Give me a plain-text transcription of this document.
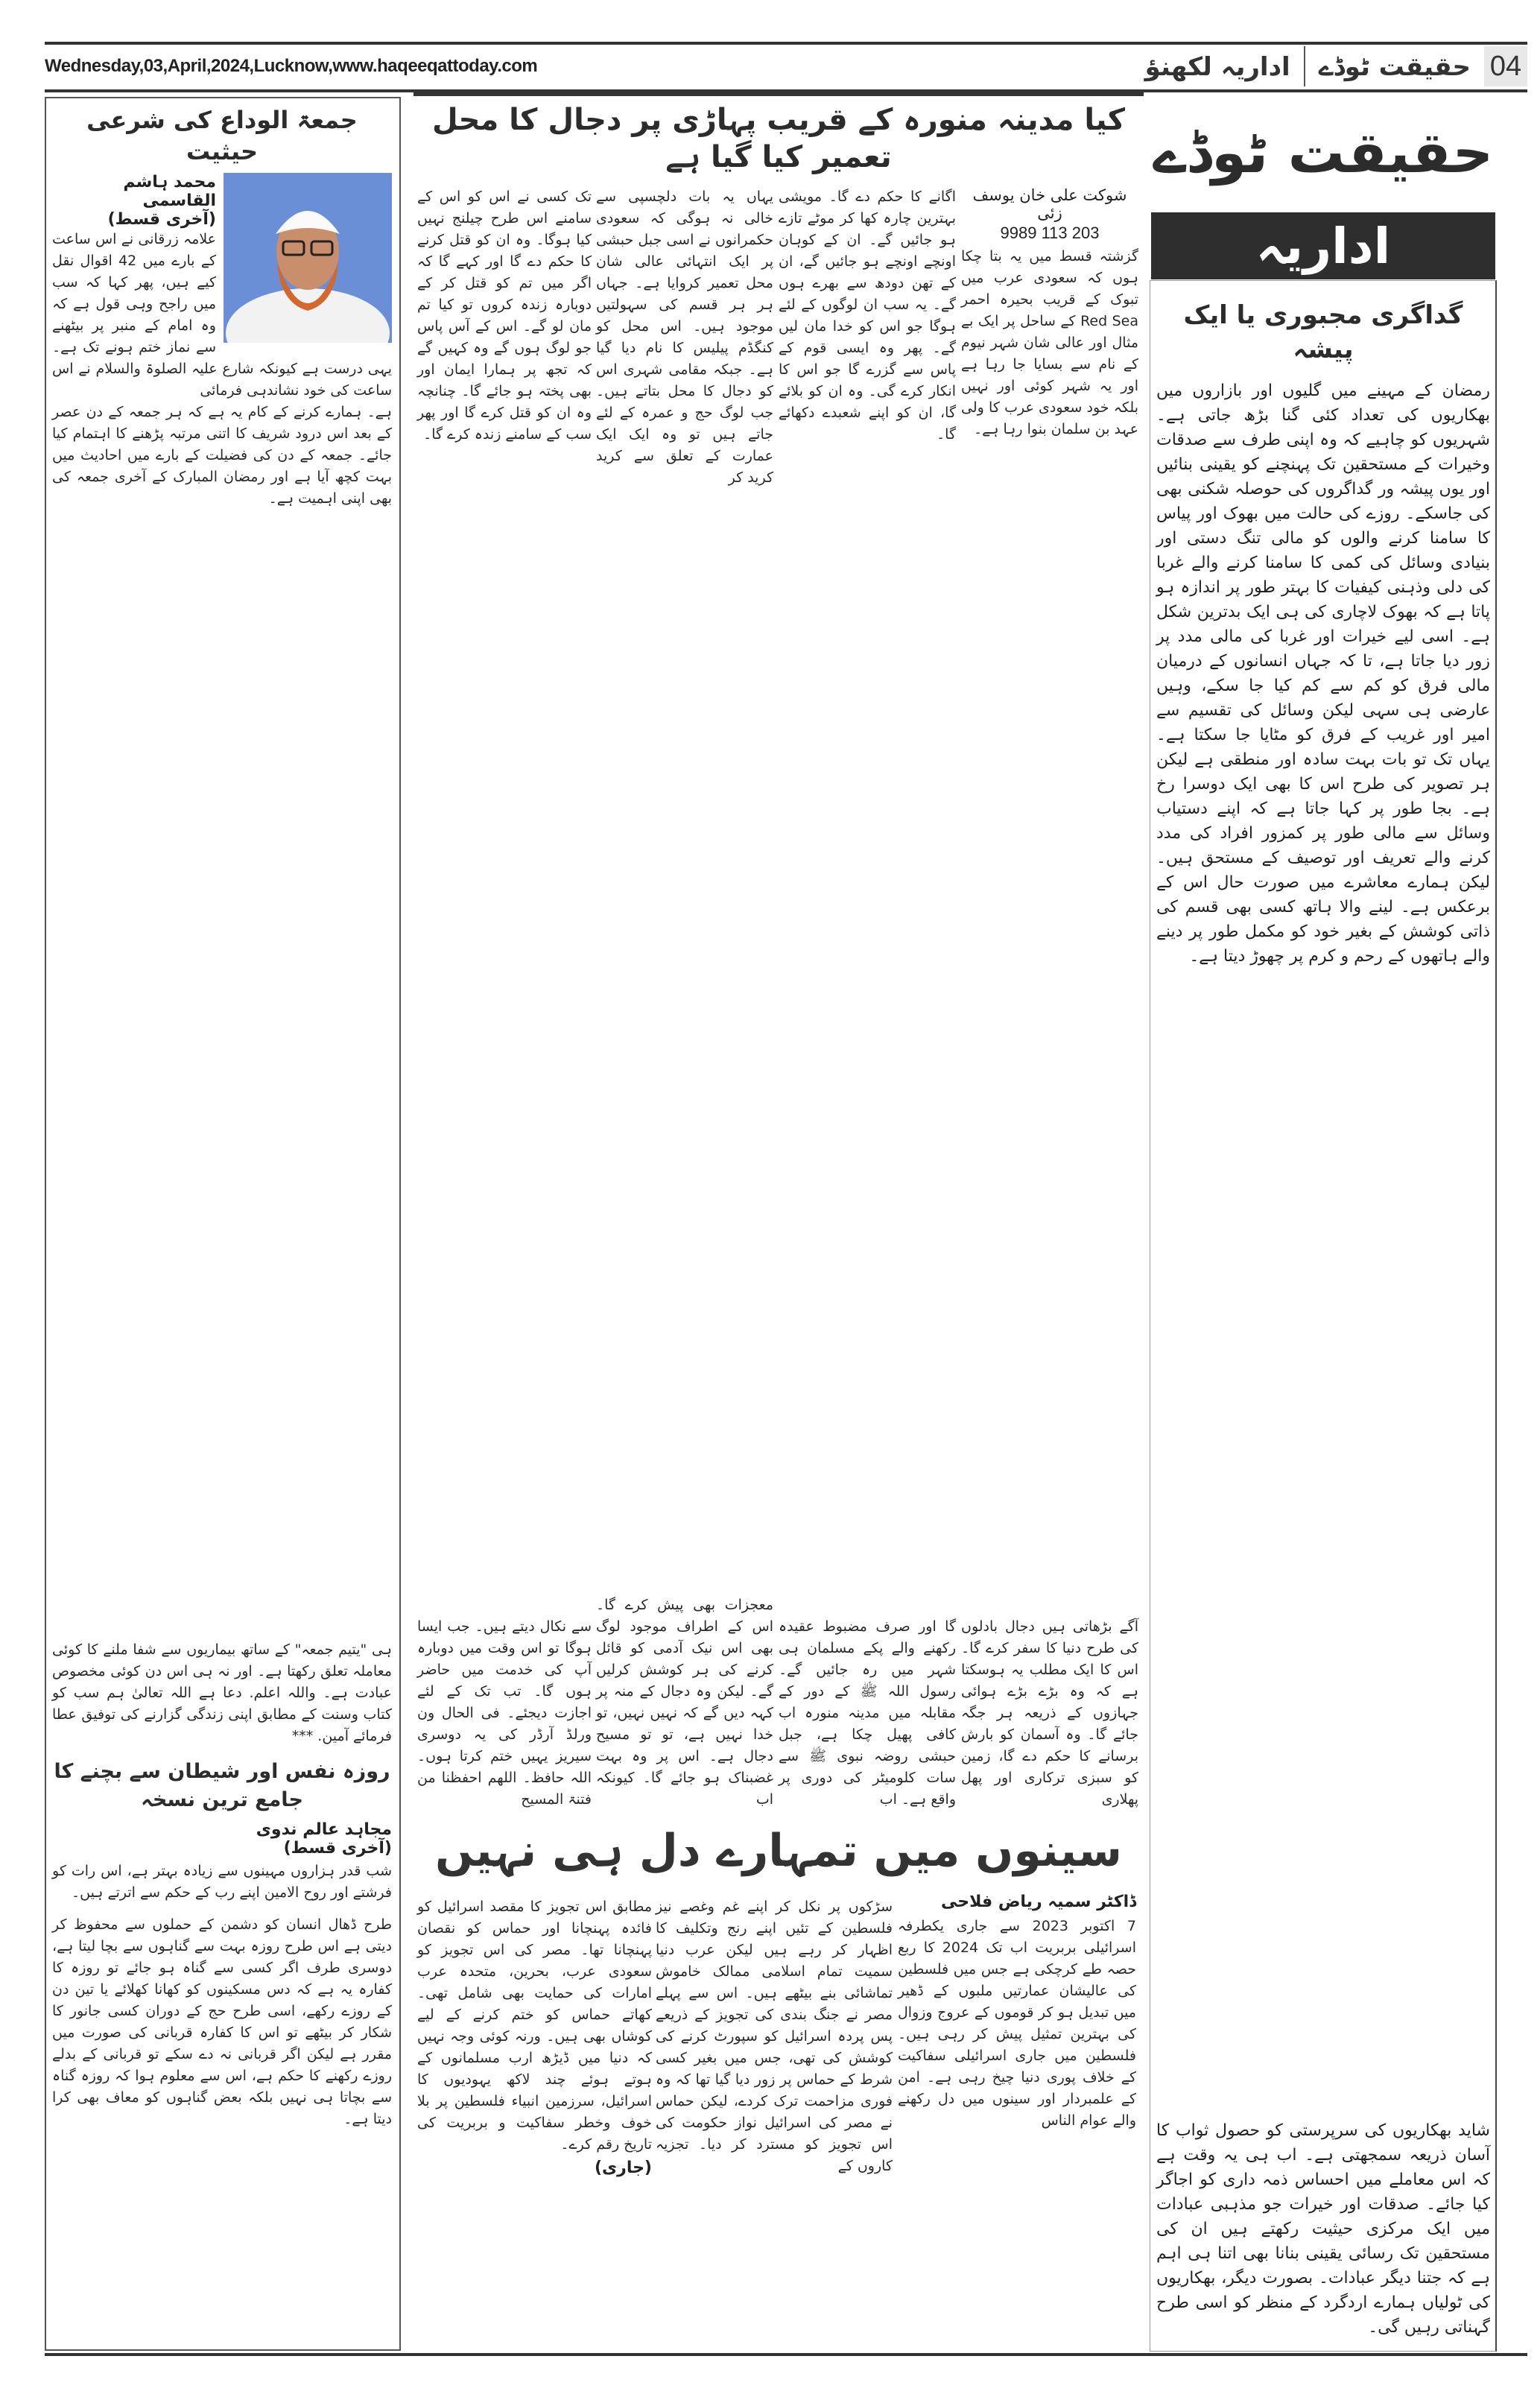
Wednesday,03,April,2024,Lucknow,www.haqeeqattoday.com	اداریہ لکھنؤ حقیقت ٹوڈے 04
جمعۃ الوداع کی شرعی حیثیت
محمد ہاشم القاسمی
(آخری قسط)
علامہ زرقانی نے اس ساعت کے بارے میں 42 اقوال نقل کیے ہیں، پھر کہا کہ سب میں راجح وہی قول ہے کہ وہ امام کے منبر پر بیٹھنے سے نماز ختم ہونے تک ہے۔ یہی درست ہے کیونکہ شارع علیہ الصلوۃ والسلام نے اس ساعت کی خود نشاندہی فرمائی
ہے۔ ہمارے کرنے کے کام یہ ہے کہ ہر جمعہ کے دن عصر کے بعد اس درود شریف کا اتنی مرتبہ پڑھنے کا اہتمام کیا جائے۔ جمعہ کے دن کی فضیلت کے بارے میں احادیث میں بہت کچھ آیا ہے اور رمضان المبارک کے آخری جمعہ کی بھی اپنی اہمیت ہے۔
ہی "یتیم جمعہ" کے ساتھ بیماریوں سے شفا ملنے کا کوئی معاملہ تعلق رکھتا ہے۔ اور نہ ہی اس دن کوئی مخصوص عبادت ہے۔ واللہ اعلم. دعا ہے اللہ تعالیٰ ہم سب کو کتاب وسنت کے مطابق اپنی زندگی گزارنے کی توفیق عطا فرمائے آمین. ***
روزہ نفس اور شیطان سے بچنے کا جامع ترین نسخہ
مجاہد عالم ندوی
(آخری قسط)
شب قدر ہزاروں مہینوں سے زیادہ بہتر ہے، اس رات کو فرشتے اور روح الامین اپنے رب کے حکم سے اترتے ہیں۔
طرح ڈھال انسان کو دشمن کے حملوں سے محفوظ کر دیتی ہے اس طرح روزہ بہت سے گناہوں سے بچا لیتا ہے، دوسری طرف اگر کسی سے گناہ ہو جائے تو روزہ کا کفارہ یہ ہے کہ دس مسکینوں کو کھانا کھلائے یا تین دن کے روزے رکھے، اسی طرح حج کے دوران کسی جانور کا شکار کر بیٹھے تو اس کا کفارہ قربانی کی صورت میں مقرر ہے لیکن اگر قربانی نہ دے سکے تو قربانی کے بدلے روزے رکھنے کا حکم ہے، اس سے معلوم ہوا کہ روزہ گناہ سے بچاتا ہی نہیں بلکہ بعض گناہوں کو معاف بھی کرا دیتا ہے۔
کیا مدینہ منورہ کے قریب پہاڑی پر دجال کا محل تعمیر کیا گیا ہے
شوکت علی خان یوسف زئی
9989 113 203
گزشتہ قسط میں یہ بتا چکا ہوں کہ سعودی عرب میں تبوک کے قریب بحیرہ احمر Red Sea کے ساحل پر ایک بے مثال اور عالی شان شہر نیوم کے نام سے بسایا جا رہا ہے اور یہ شہر کوئی اور نہیں بلکہ خود سعودی عرب کا ولی عہد بن سلمان بنوا رہا ہے۔
آگے بڑھاتی ہیں دجال بادلوں کی طرح دنیا کا سفر کرے گا۔ اس کا ایک مطلب یہ ہوسکتا ہے کہ وہ بڑے بڑے ہوائی جہازوں کے ذریعہ ہر جگہ جائے گا۔ وہ آسمان کو بارش برسانے کا حکم دے گا، زمین کو سبزی ترکاری اور پھل پھلاری
اگانے کا حکم دے گا۔ مویشی بہترین چارہ کھا کر موٹے تازے ہو جائیں گے۔ ان کے کوہان اونچے اونچے ہو جائیں گے، ان کے تھن دودھ سے بھرے ہوں گے۔ یہ سب ان لوگوں کے لئے ہوگا جو اس کو خدا مان لیں گے۔ پھر وہ ایسی قوم کے پاس سے گزرے گا جو اس کا انکار کرے گی۔ وہ ان کو بلائے گا، ان کو اپنے شعبدے دکھائے گا۔
گا اور صرف مضبوط عقیدہ رکھنے والے پکے مسلمان ہی شہر میں رہ جائیں گے۔ رسول اللہ ﷺ کے دور کے مقابلہ میں مدینہ منورہ اب کافی پھیل چکا ہے، جبل حبشی روضہ نبوی ﷺ سے سات کلومیٹر کی دوری پر واقع ہے۔ اب
یہاں یہ بات دلچسپی سے خالی نہ ہوگی کہ سعودی حکمرانوں نے اسی جبل حبشی پر ایک انتہائی عالی شان محل تعمیر کروایا ہے۔ جہاں ہر ہر قسم کی سہولتیں موجود ہیں۔ اس محل کو کنگڈم پیلیس کا نام دیا گیا ہے۔ جبکہ مقامی شہری اس کو دجال کا محل بتاتے ہیں۔ جب لوگ حج و عمرہ کے لئے جاتے ہیں تو وہ ایک ایک عمارت کے تعلق سے کرید کرید کر
معجزات بھی پیش کرے گا۔ اس کے اطراف موجود لوگ بھی اس نیک آدمی کو قائل کرنے کی ہر کوشش کرلیں گے۔ لیکن وہ دجال کے منہ پر کہہ دیں گے کہ نہیں نہیں، تو خدا نہیں ہے، تو تو مسیح دجال ہے۔ اس پر وہ بہت غضبناک ہو جائے گا۔ کیونکہ اب
تک کسی نے اس کو اس کے سامنے اس طرح چیلنج نہیں کیا ہوگا۔ وہ ان کو قتل کرنے کا حکم دے گا اور کہے گا کہ اگر میں تم کو قتل کر کے دوبارہ زندہ کروں تو کیا تم مان لو گے۔ اس کے آس پاس جو لوگ ہوں گے وہ کہیں گے کہ تجھ پر ہمارا ایمان اور بھی پختہ ہو جائے گا۔ چنانچہ وہ ان کو قتل کرے گا اور پھر سب کے سامنے زندہ کرے گا۔
سے نکال دیتے ہیں۔ جب ایسا ہوگا تو اس وقت میں دوبارہ آپ کی خدمت میں حاضر ہوں گا۔ تب تک کے لئے اجازت دیجئے۔ فی الحال ون ورلڈ آرڈر کی یہ دوسری سیریز یہیں ختم کرتا ہوں۔ اللہ حافظ۔ اللھم احفظنا من فتنۃ المسیح
سینوں میں تمہارے دل ہی نہیں
ڈاکٹر سمیہ ریاض فلاحی
7 اکتوبر 2023 سے جاری یکطرفہ اسرائیلی بربریت اب تک 2024 کا ربع حصہ طے کرچکی ہے جس میں فلسطین کی عالیشان عمارتیں ملبوں کے ڈھیر میں تبدیل ہو کر قوموں کے عروج وزوال کی بہترین تمثیل پیش کر رہی ہیں۔ فلسطین میں جاری اسرائیلی سفاکیت کے خلاف پوری دنیا چیخ رہی ہے۔ امن کے علمبردار اور سینوں میں دل رکھنے والے عوام الناس
سڑکوں پر نکل کر اپنے غم وغصے نیز فلسطین کے تئیں اپنے رنج وتکلیف کا اظہار کر رہے ہیں لیکن عرب دنیا سمیت تمام اسلامی ممالک خاموش تماشائی بنے بیٹھے ہیں۔ اس سے پہلے مصر نے جنگ بندی کی تجویز کے ذریعے پس پردہ اسرائیل کو سپورٹ کرنے کی کوشش کی تھی، جس میں بغیر کسی شرط کے حماس پر زور دیا گیا تھا کہ وہ فوری مزاحمت ترک کردے، لیکن حماس نے مصر کی اسرائیل نواز حکومت کی اس تجویز کو مسترد کر دیا۔ تجزیہ کاروں کے
مطابق اس تجویز کا مقصد اسرائیل کو فائدہ پہنچانا اور حماس کو نقصان پہنچانا تھا۔ مصر کی اس تجویز کو سعودی عرب، بحرین، متحدہ عرب امارات کی حمایت بھی شامل تھی۔ کھاتے حماس کو ختم کرنے کے لیے کوشاں بھی ہیں۔ ورنہ کوئی وجہ نہیں کہ دنیا میں ڈیڑھ ارب مسلمانوں کے ہوتے ہوئے چند لاکھ یہودیوں کا اسرائیل، سرزمین انبیاء فلسطین پر بلا خوف وخطر سفاکیت و بربریت کی تاریخ رقم کرے۔
(جاری)
حقیقت ٹوڈے
اداریہ
گداگری مجبوری یا ایک پیشہ
رمضان کے مہینے میں گلیوں اور بازاروں میں بھکاریوں کی تعداد کئی گنا بڑھ جاتی ہے۔ شہریوں کو چاہیے کہ وہ اپنی طرف سے صدقات وخیرات کے مستحقین تک پہنچنے کو یقینی بنائیں اور یوں پیشہ ور گداگروں کی حوصلہ شکنی بھی کی جاسکے۔ روزے کی حالت میں بھوک اور پیاس کا سامنا کرنے والوں کو مالی تنگ دستی اور بنیادی وسائل کی کمی کا سامنا کرنے والے غربا کی دلی وذہنی کیفیات کا بہتر طور پر اندازہ ہو پاتا ہے کہ بھوک لاچاری کی ہی ایک بدترین شکل ہے۔ اسی لیے خیرات اور غربا کی مالی مدد پر زور دیا جاتا ہے، تا کہ جہاں انسانوں کے درمیان مالی فرق کو کم سے کم کیا جا سکے، وہیں عارضی ہی سہی لیکن وسائل کی تقسیم سے امیر اور غریب کے فرق کو مٹایا جا سکتا ہے۔ یہاں تک تو بات بہت سادہ اور منطقی ہے لیکن ہر تصویر کی طرح اس کا بھی ایک دوسرا رخ ہے۔ بجا طور پر کہا جاتا ہے کہ اپنے دستیاب وسائل سے مالی طور پر کمزور افراد کی مدد کرنے والے تعریف اور توصیف کے مستحق ہیں۔ لیکن ہمارے معاشرے میں صورت حال اس کے برعکس ہے۔ لینے والا ہاتھ کسی بھی قسم کی ذاتی کوشش کے بغیر خود کو مکمل طور پر دینے والے ہاتھوں کے رحم و کرم پر چھوڑ دیتا ہے۔
شاید بھکاریوں کی سرپرستی کو حصول ثواب کا آسان ذریعہ سمجھتی ہے۔ اب ہی یہ وقت ہے کہ اس معاملے میں احساس ذمہ داری کو اجاگر کیا جائے۔ صدقات اور خیرات جو مذہبی عبادات میں ایک مرکزی حیثیت رکھتے ہیں ان کی مستحقین تک رسائی یقینی بنانا بھی اتنا ہی اہم ہے کہ جتنا دیگر عبادات۔ بصورت دیگر، بھکاریوں کی ٹولیاں ہمارے اردگرد کے منظر کو اسی طرح گہناتی رہیں گی۔
